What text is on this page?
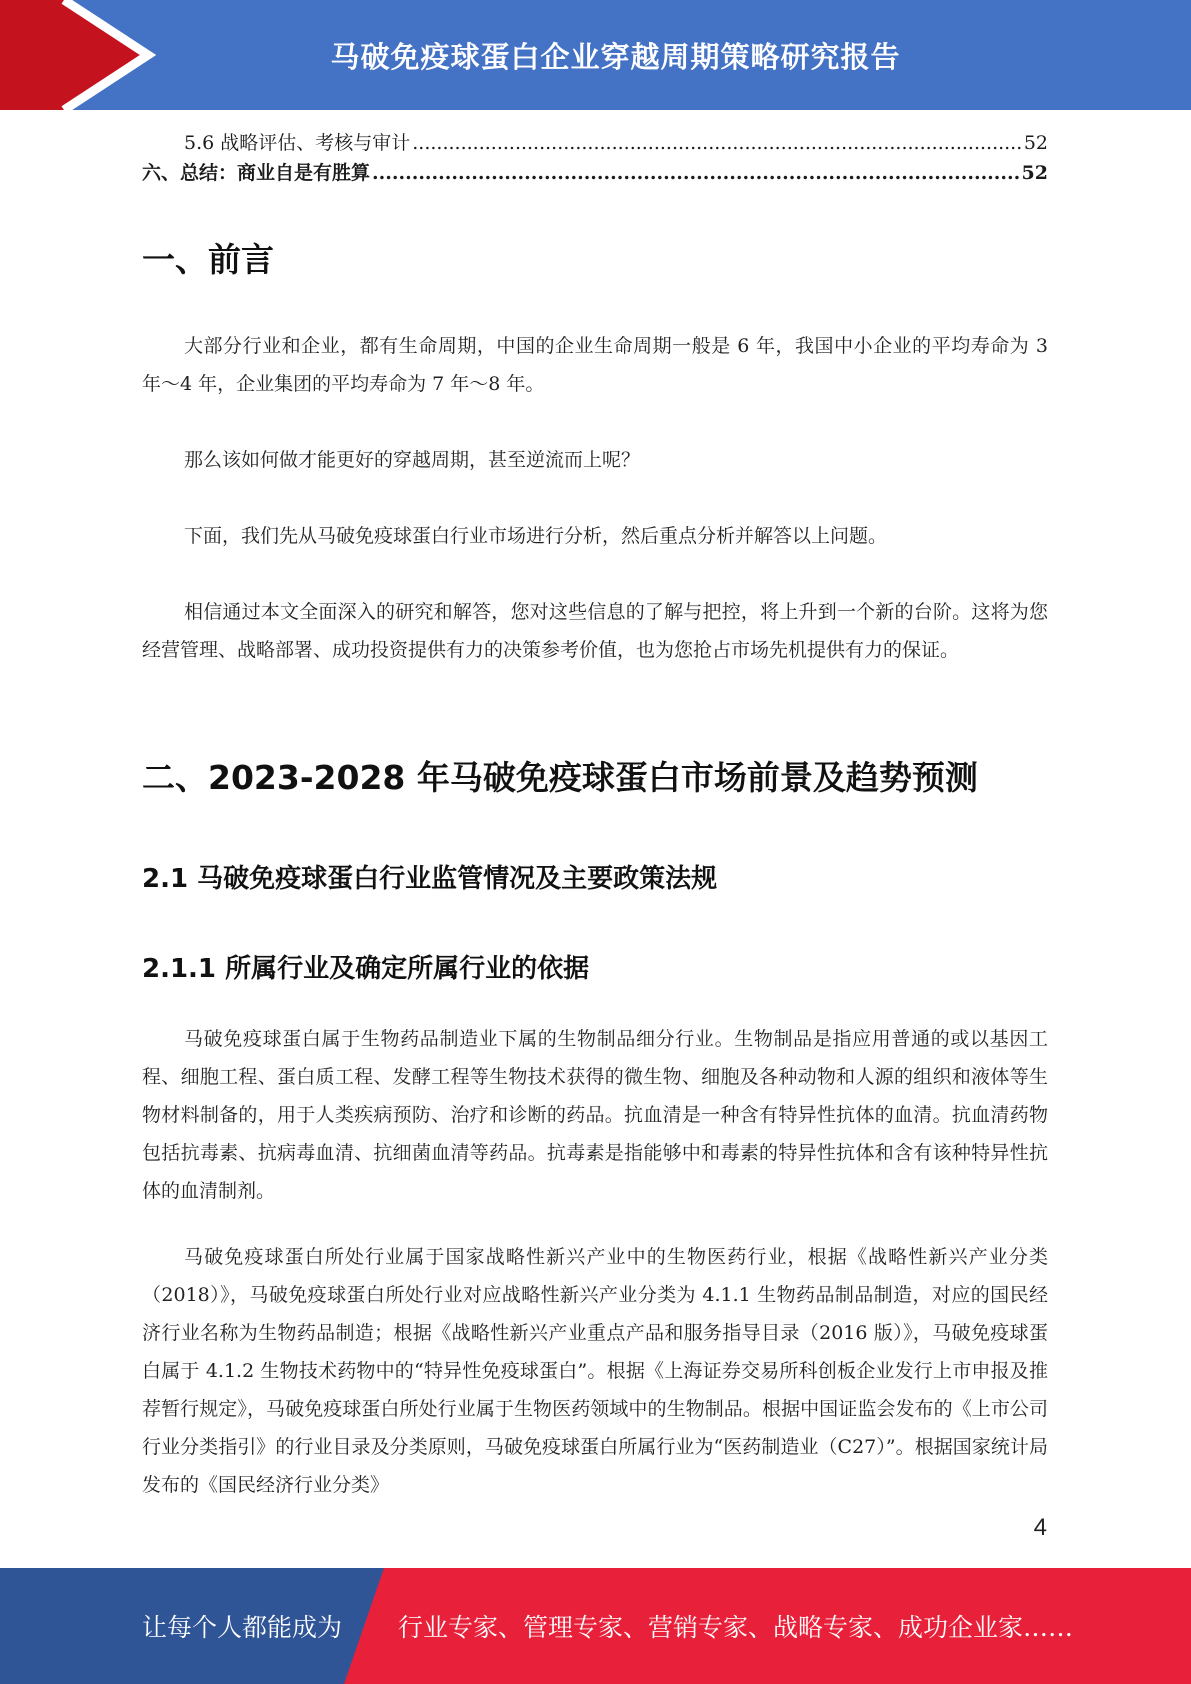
马破免疫球蛋白企业穿越周期策略研究报告
5.6 战略评估、考核与审计 .....	52
六、总结：商业自是有胜算 .....	52
一、前言
大部分行业和企业，都有生命周期，中国的企业生命周期一般是 6 年，我国中小企业的平均寿命为 3 年～4 年，企业集团的平均寿命为 7 年～8 年。
那么该如何做才能更好的穿越周期，甚至逆流而上呢？
下面，我们先从马破免疫球蛋白行业市场进行分析，然后重点分析并解答以上问题。
相信通过本文全面深入的研究和解答，您对这些信息的了解与把控，将上升到一个新的台阶。这将为您经营管理、战略部署、成功投资提供有力的决策参考价值，也为您抢占市场先机提供有力的保证。
二、2023-2028 年马破免疫球蛋白市场前景及趋势预测
2.1 马破免疫球蛋白行业监管情况及主要政策法规
2.1.1 所属行业及确定所属行业的依据
马破免疫球蛋白属于生物药品制造业下属的生物制品细分行业。生物制品是指应用普通的或以基因工程、细胞工程、蛋白质工程、发酵工程等生物技术获得的微生物、细胞及各种动物和人源的组织和液体等生物材料制备的，用于人类疾病预防、治疗和诊断的药品。抗血清是一种含有特异性抗体的血清。抗血清药物包括抗毒素、抗病毒血清、抗细菌血清等药品。抗毒素是指能够中和毒素的特异性抗体和含有该种特异性抗体的血清制剂。
马破免疫球蛋白所处行业属于国家战略性新兴产业中的生物医药行业，根据《战略性新兴产业分类（2018）》，马破免疫球蛋白所处行业对应战略性新兴产业分类为 4.1.1 生物药品制品制造，对应的国民经济行业名称为生物药品制造；根据《战略性新兴产业重点产品和服务指导目录（2016 版）》，马破免疫球蛋白属于 4.1.2 生物技术药物中的“特异性免疫球蛋白”。根据《上海证券交易所科创板企业发行上市申报及推荐暂行规定》，马破免疫球蛋白所处行业属于生物医药领域中的生物制品。根据中国证监会发布的《上市公司行业分类指引》的行业目录及分类原则，马破免疫球蛋白所属行业为“医药制造业（C27）”。根据国家统计局发布的《国民经济行业分类》
4
让每个人都能成为 行业专家、管理专家、营销专家、战略专家、成功企业家……
